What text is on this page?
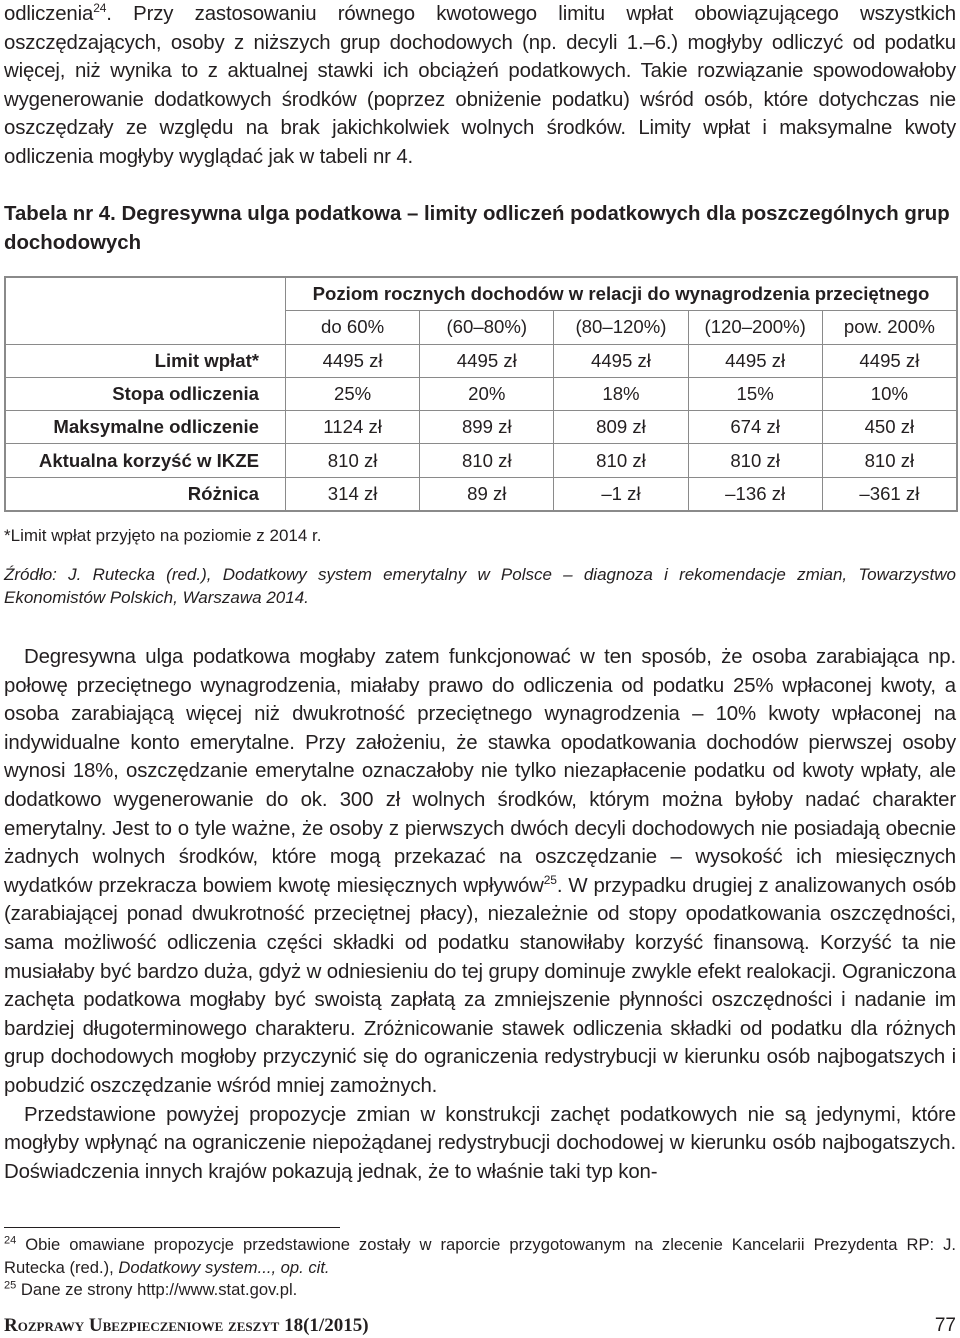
odliczenia$^{24}$. Przy zastosowaniu równego kwotowego limitu wpłat obowiązującego wszystkich oszczędzających, osoby z niższych grup dochodowych (np. decyli 1.–6.) mogłyby odliczyć od podatku więcej, niż wynika to z aktualnej stawki ich obciążeń podatkowych. Takie rozwiązanie spowodowałoby wygenerowanie dodatkowych środków (poprzez obniżenie podatku) wśród osób, które dotychczas nie oszczędzały ze względu na brak jakichkolwiek wolnych środków. Limity wpłat i maksymalne kwoty odliczenia mogłyby wyglądać jak w tabeli nr 4.

Tabela nr 4. Degresywna ulga podatkowa – limity odliczeń podatkowych dla poszczególnych grup dochodowych

	Poziom rocznych dochodów w relacji do wynagrodzenia przeciętnego				
	do 60%	(60–80%)	(80–120%)	(120–200%)	pow. 200%
Limit wpłat*	4495 zł	4495 zł	4495 zł	4495 zł	4495 zł
Stopa odliczenia	25%	20%	18%	15%	10%
Maksymalne odliczenie	1124 zł	899 zł	809 zł	674 zł	450 zł
Aktualna korzyść w IKZE	810 zł	810 zł	810 zł	810 zł	810 zł
Różnica	314 zł	89 zł	–1 zł	–136 zł	–361 zł

*Limit wpłat przyjęto na poziomie z 2014 r.

Źródło: J. Rutecka (red.), Dodatkowy system emerytalny w Polsce – diagnoza i rekomendacje zmian, Towarzystwo Ekonomistów Polskich, Warszawa 2014.

Degresywna ulga podatkowa mogłaby zatem funkcjonować w ten sposób, że osoba zarabiająca np. połowę przeciętnego wynagrodzenia, miałaby prawo do odliczenia od podatku 25% wpłaconej kwoty, a osoba zarabiającą więcej niż dwukrotność przeciętnego wynagrodzenia – 10% kwoty wpłaconej na indywidualne konto emerytalne. Przy założeniu, że stawka opodatkowania dochodów pierwszej osoby wynosi 18%, oszczędzanie emerytalne oznaczałoby nie tylko niezapłacenie podatku od kwoty wpłaty, ale dodatkowo wygenerowanie do ok. 300 zł wolnych środków, którym można byłoby nadać charakter emerytalny. Jest to o tyle ważne, że osoby z pierwszych dwóch decyli dochodowych nie posiadają obecnie żadnych wolnych środków, które mogą przekazać na oszczędzanie – wysokość ich miesięcznych wydatków przekracza bowiem kwotę miesięcznych wpływów$^{25}$. W przypadku drugiej z analizowanych osób (zarabiającej ponad dwukrotność przeciętnej płacy), niezależnie od stopy opodatkowania oszczędności, sama możliwość odliczenia części składki od podatku stanowiłaby korzyść finansową. Korzyść ta nie musiałaby być bardzo duża, gdyż w odniesieniu do tej grupy dominuje zwykle efekt realokacji. Ograniczona zachęta podatkowa mogłaby być swoistą zapłatą za zmniejszenie płynności oszczędności i nadanie im bardziej długoterminowego charakteru. Zróżnicowanie stawek odliczenia składki od podatku dla różnych grup dochodowych mogłoby przyczynić się do ograniczenia redystrybucji w kierunku osób najbogatszych i pobudzić oszczędzanie wśród mniej zamożnych.

Przedstawione powyżej propozycje zmian w konstrukcji zachęt podatkowych nie są jedynymi, które mogłyby wpłynąć na ograniczenie niepożądanej redystrybucji dochodowej w kierunku osób najbogatszych. Doświadczenia innych krajów pokazują jednak, że to właśnie taki typ kon-

$^{24}$ Obie omawiane propozycje przedstawione zostały w raporcie przygotowanym na zlecenie Kancelarii Prezydenta RP: J. Rutecka (red.), Dodatkowy system..., op. cit.

$^{25}$ Dane ze strony http://www.stat.gov.pl.

Rozprawy Ubezpieczeniowe zeszyt 18(1/2015)	77
